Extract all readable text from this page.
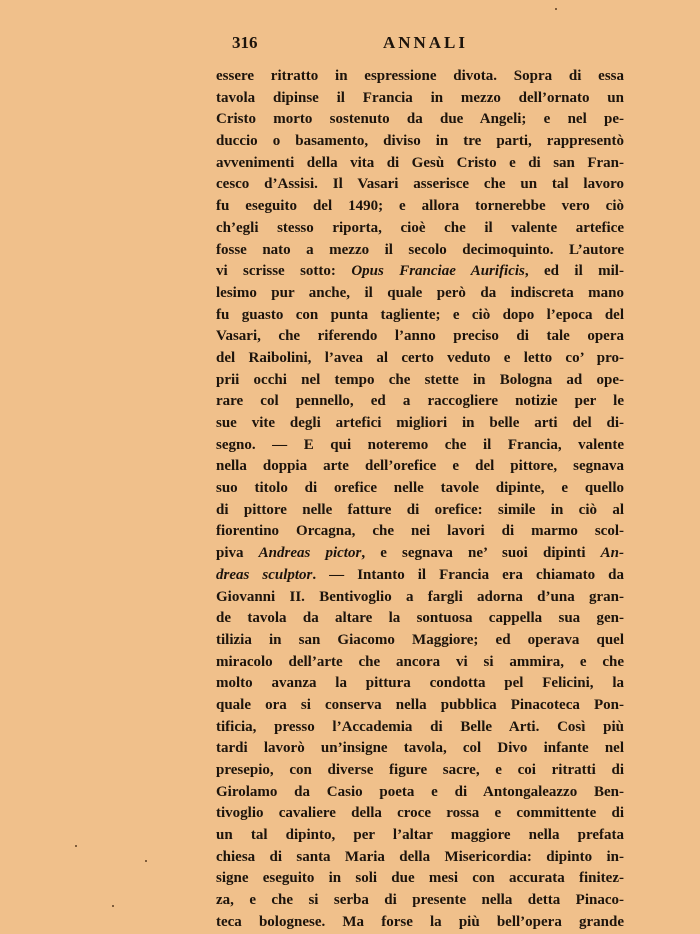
316	ANNALI
essere ritratto in espressione divota. Sopra di essa
tavola dipinse il Francia in mezzo dell’ornato un
Cristo morto sostenuto da due Angeli; e nel pe-
duccio o basamento, diviso in tre parti, rappresentò
avvenimenti della vita di Gesù Cristo e di san Fran-
cesco d’Assisi. Il Vasari asserisce che un tal lavoro
fu eseguito del 1490; e allora tornerebbe vero ciò
ch’egli stesso riporta, cioè che il valente artefice
fosse nato a mezzo il secolo decimoquinto. L’autore
vi scrisse sotto: Opus Franciae Aurificis, ed il mil-
lesimo pur anche, il quale però da indiscreta mano
fu guasto con punta tagliente; e ciò dopo l’epoca del
Vasari, che riferendo l’anno preciso di tale opera
del Raibolini, l’avea al certo veduto e letto co’ pro-
prii occhi nel tempo che stette in Bologna ad ope-
rare col pennello, ed a raccogliere notizie per le
sue vite degli artefici migliori in belle arti del di-
segno. — E qui noteremo che il Francia, valente
nella doppia arte dell’orefice e del pittore, segnava
suo titolo di orefice nelle tavole dipinte, e quello
di pittore nelle fatture di orefice: simile in ciò al
fiorentino Orcagna, che nei lavori di marmo scol-
piva Andreas pictor, e segnava ne’ suoi dipinti An-
dreas sculptor. — Intanto il Francia era chiamato da
Giovanni II. Bentivoglio a fargli adorna d’una gran-
de tavola da altare la sontuosa cappella sua gen-
tilizia in san Giacomo Maggiore; ed operava quel
miracolo dell’arte che ancora vi si ammira, e che
molto avanza la pittura condotta pel Felicini, la
quale ora si conserva nella pubblica Pinacoteca Pon-
tificia, presso l’Accademia di Belle Arti. Così più
tardi lavorò un’insigne tavola, col Divo infante nel
presepio, con diverse figure sacre, e coi ritratti di
Girolamo da Casio poeta e di Antongaleazzo Ben-
tivoglio cavaliere della croce rossa e committente di
un tal dipinto, per l’altar maggiore nella prefata
chiesa di santa Maria della Misericordia: dipinto in-
signe eseguito in soli due mesi con accurata finitez-
za, e che si serba di presente nella detta Pinaco-
teca bolognese. Ma forse la più bell’opera grande
